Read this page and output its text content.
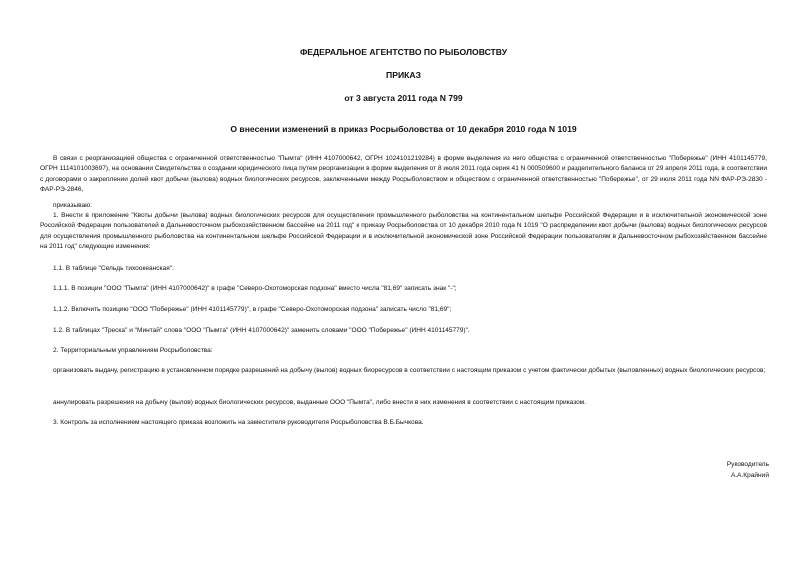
ФЕДЕРАЛЬНОЕ АГЕНТСТВО ПО РЫБОЛОВСТВУ
ПРИКАЗ
от 3 августа 2011 года N 799
О внесении изменений в приказ Росрыболовства от 10 декабря 2010 года N 1019

В связи с реорганизацией общества с ограниченной ответственностью "Пымта" (ИНН 4107000642, ОГРН 1024101219284) в форме выделения из него общества с ограниченной ответственностью "Побережье" (ИНН 4101145779, ОГРН 1114101003697), на основании Свидетельства о создании юридического лица путем реорганизации в форме выделения от 8 июля 2011 года серия 41 N 000509600 и разделительного баланса от 29 апреля 2011 года, в соответствии с договорами о закреплении долей квот добычи (вылова) водных биологических ресурсов, заключенными между Росрыболовством и обществом с ограниченной ответственностью "Побережье", от 29 июля 2011 года NN ФАР-РЭ-2830 - ФАР-РЭ-2846,

приказываю:

1. Внести в приложение "Квоты добычи (вылова) водных биологических ресурсов для осуществления промышленного рыболовства на континентальном шельфе Российской Федерации и в исключительной экономической зоне Российской Федерации пользователей в Дальневосточном рыбохозяйственном бассейне на 2011 год" к приказу Росрыболовства от 10 декабря 2010 года N 1019 "О распределении квот добычи (вылова) водных биологических ресурсов для осуществления промышленного рыболовства на континентальном шельфе Российской Федерации и в исключительной экономической зоне Российской Федерации пользователям в Дальневосточном рыбохозяйственном бассейне на 2011 год" следующие изменения:

1.1. В таблице "Сельдь тихоокеанская":

1.1.1. В позиции "ООО "Пымта" (ИНН 4107000642)" в графе "Северо-Охотоморская подзона" вместо числа "81,69" записать знак "-";

1.1.2. Включить позицию "ООО "Побережье" (ИНН 4101145779)", в графе "Северо-Охотоморская подзона" записать число "81,69";

1.2. В таблицах "Треска" и "Минтай" слова "ООО "Пымта" (ИНН 4107000642)" заменить словами "ООО "Побережье" (ИНН 4101145779)".

2. Территориальным управлениям Росрыболовства:

организовать выдачу, регистрацию в установленном порядке разрешений на добычу (вылов) водных биоресурсов в соответствии с настоящим приказом с учетом фактически добытых (выловленных) водных биологических ресурсов;

аннулировать разрешения на добычу (вылов) водных биологических ресурсов, выданные ООО "Пымта", либо внести в них изменения в соответствии с настоящим приказом.

3. Контроль за исполнением настоящего приказа возложить на заместителя руководителя Росрыболовства В.Б.Бычкова.

Руководитель
А.А.Крайний
